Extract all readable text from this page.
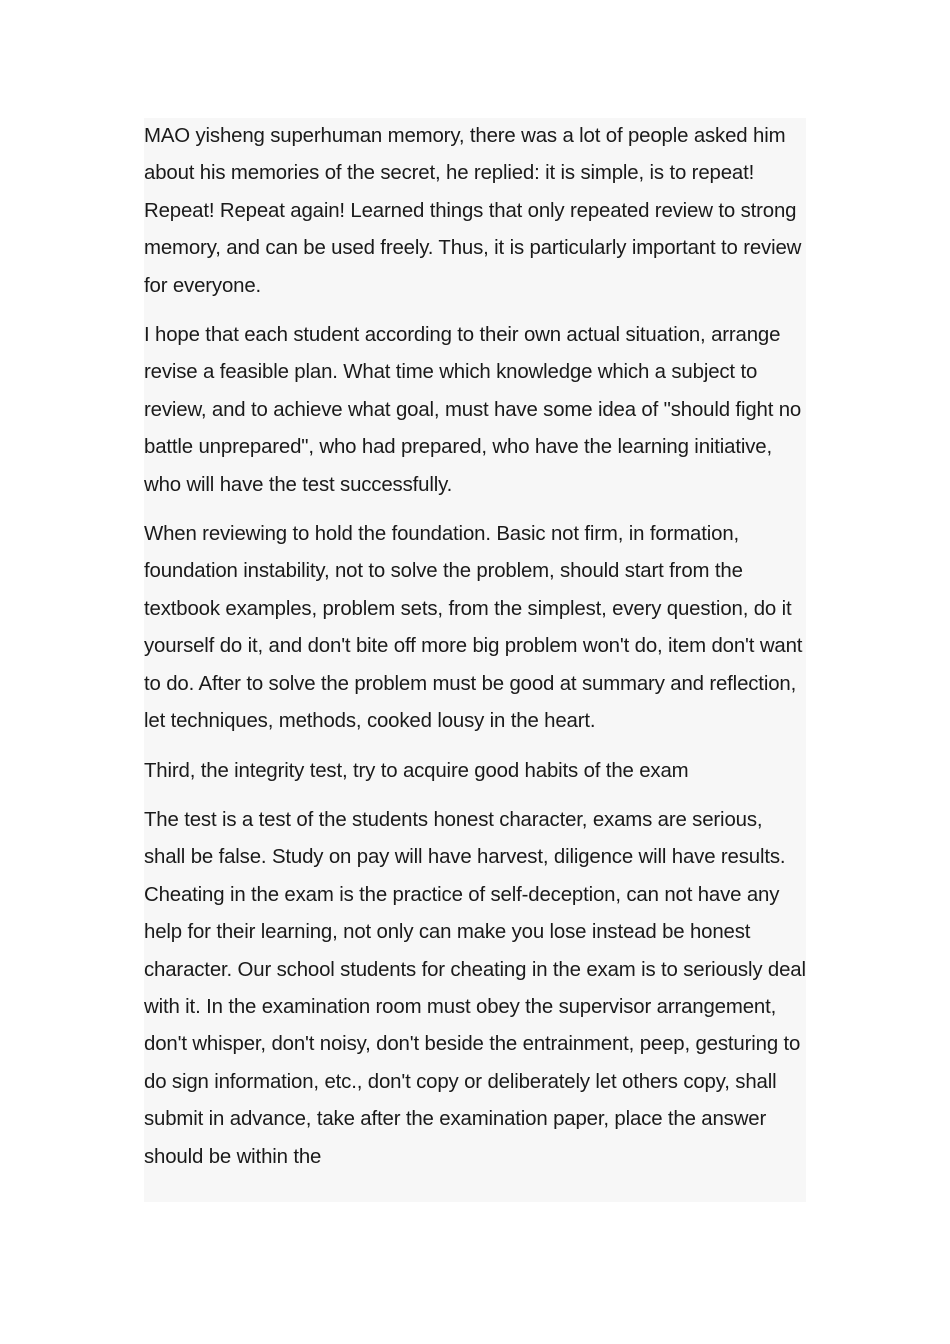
MAO yisheng superhuman memory, there was a lot of people asked him about his memories of the secret, he replied: it is simple, is to repeat! Repeat! Repeat again! Learned things that only repeated review to strong memory, and can be used freely. Thus, it is particularly important to review for everyone.

I hope that each student according to their own actual situation, arrange revise a feasible plan. What time which knowledge which a subject to review, and to achieve what goal, must have some idea of "should fight no battle unprepared", who had prepared, who have the learning initiative, who will have the test successfully.

When reviewing to hold the foundation. Basic not firm, in formation, foundation instability, not to solve the problem, should start from the textbook examples, problem sets, from the simplest, every question, do it yourself do it, and don't bite off more big problem won't do, item don't want to do. After to solve the problem must be good at summary and reflection, let techniques, methods, cooked lousy in the heart.

Third, the integrity test, try to acquire good habits of the exam

The test is a test of the students honest character, exams are serious, shall be false. Study on pay will have harvest, diligence will have results. Cheating in the exam is the practice of self-deception, can not have any help for their learning, not only can make you lose instead be honest character. Our school students for cheating in the exam is to seriously deal with it. In the examination room must obey the supervisor arrangement, don't whisper, don't noisy, don't beside the entrainment, peep, gesturing to do sign information, etc., don't copy or deliberately let others copy, shall submit in advance, take after the examination paper, place the answer should be within the
